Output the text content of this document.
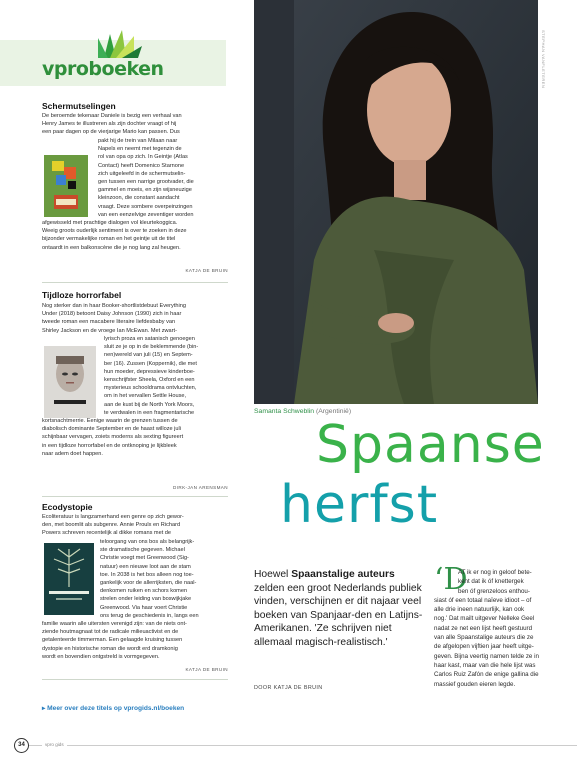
vproboeken
Schermutselingen
De beroemde tekenaar Daniele is bezig een verhaal van
Henry James te illustreren als zijn dochter vraagt of hij
een paar dagen op de vierjarige Mario kan passen. Dus
pakt hij de trein van Milaan naar
Napels en neemt met tegenzin de
rol van opa op zich. In Geintje (Atlas
Contact) heeft Domenico Starnone
zich uitgeleefd in de schermutselin-
gen tussen een narrige grootvader, die
gammel en moeis, en zijn wijsneuzige
kleinzoon, die constant aandacht
vraagt. Deze sombere overpeinzingen
van een eenzelvige zeventiger worden
afgewisseld met prachtige dialogen vol kleurtekoggica.
Weeig groots ouderlijk sentiment is over te zoeken in deze
bijzonder vermakelijke roman en het geintje uit de titel
ontaardt in een balkonscène die je nog lang zal heugen.
KATJA DE BRUIN
Tijdloze horrorfabel
Nog sterker dan in haar Booker-shortlistdebuut Everything
Under (2018) betoont Daisy Johnson (1990) zich in haar
tweede roman een macabere literaire liefdesbaby van
Shirley Jackson en de vroege Ian McEwan. Met zwart-
lyrisch proza en satanisch genoegen
sluit ze je op in de beklemmende (bin-
nen)wereld van juli (15) en Septem-
ber (16). Zussen (Koppernik), die met
hun moeder, depressieve kinderboe-
kenschrijfster Sheela, Oxford en een
mysterieus schooldrama ontvluchten,
om in het vervallen Settle House,
aan de kust bij de North York Moors,
te verdwalen in een fragmentarische
kortsnachtmerrie. Eenige waarin de grenzen tussen de
diabolisch dominante September en de haast willoze juli
schijnbaar vervagen, zoiets moderns als sexting figureert
in een tijdloze horrorfabel en de ontknoping je lijkbleek
naar adem doet happen.
DIRK-JAN ARENSMAN
Ecodystopie
Ecoliteratuur is langzamerhand een genre op zich gewor-
den, met boomlit als subgenre. Annie Proulx en Richard
Powers schreven recentelijk al dikke romans met de
teloorgang van ons bos als belangrijk-
ste dramatische gegeven. Michael
Christie voegt met Greenwood (Sig-
natuur) een nieuwe loot aan de stam
toe. In 2038 is het bos alleen nog toe-
gankelijk voor de allerrijksten, die naal-
denkomen ruiken en schors komen
strelen onder leiding van boswijkjake
Greenwood. Via haar voert Christie
ons terug de geschiedenis in, langs een
familie waarin alle uitersten verenigd zijn: van de niets ont-
ziende houtmagnaat tot de radicale milieuactivist en de
getalenteerde timmerman. Een gelaagde kruising tussen
dystopie en historische roman die wordt erd dramkonig
wordt en bovendien ontgstreld is vormgegeven.
KATJA DE BRUIN
▸ Meer over deze titels op vprogids.nl/boeken
STEPHAN VANFLETEREN
Samanta Schweblin (Argentinië)
Spaanse
herfst
Hoewel Spaanstalige auteurs zelden een groot Nederlands publiek vinden, verschijnen er dit najaar veel boeken van Spanjaar-den en Latijns-Amerikanen. 'Ze schrijven niet allemaal magisch-realistisch.'
DOOR KATJA DE BRUIN
‘D
AT ik er nog in geloof bete-
kent dat ik óf knettergek
ben óf grenzeloos enthou-
siast óf een totaal naïeve idioot – of
alle drie ineen natuurlijk, kan ook
nog.' Dat mailt uitgever Nelleke Geel
nadat ze net een lijst heeft gestuurd
van alle Spaanstalige auteurs die ze
de afgelopen vijftien jaar heeft uitge-
geven. Bijna veertig namen telde ze in
haar kast, maar van die hele lijst was
Carlos Ruiz Zafón de enige gallina die
massief gouden eieren legde.
34	vpro gids
